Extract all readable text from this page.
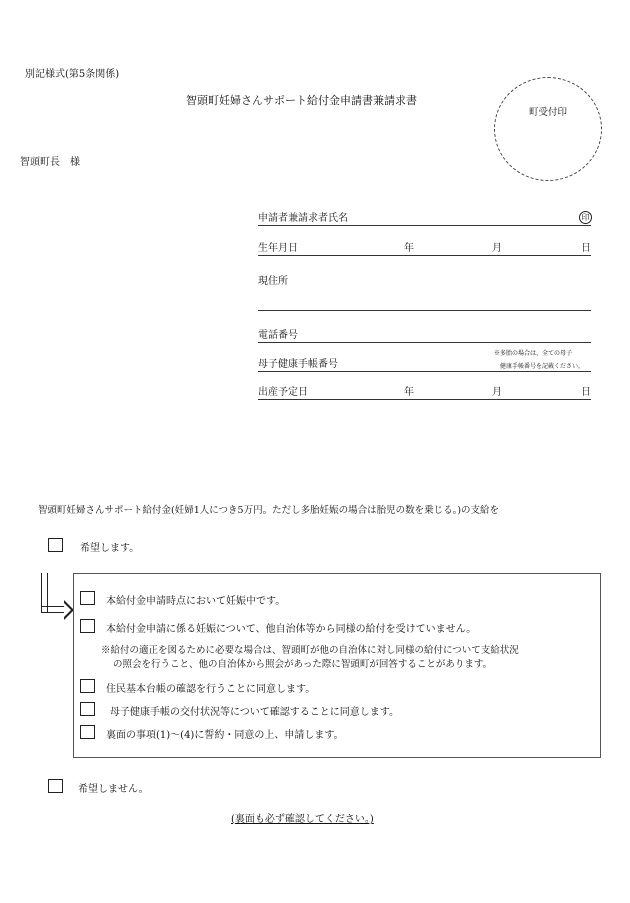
別記様式(第5条関係)
智頭町妊婦さんサポート給付金申請書兼請求書
町受付印
智頭町長　様
申請者兼請求者氏名	印
生年月日	年	月	日
現住所
電話番号
※多胎の場合は、全ての母子
母子健康手帳番号	健康手帳番号を記載ください。
出産予定日	年	月	日
智頭町妊婦さんサポート給付金(妊婦1人につき5万円。ただし多胎妊娠の場合は胎児の数を乗じる。)の支給を
希望します。
本給付金申請時点において妊娠中です。
本給付金申請に係る妊娠について、他自治体等から同様の給付を受けていません。
※給付の適正を図るために必要な場合は、智頭町が他の自治体に対し同様の給付について支給状況
の照会を行うこと、他の自治体から照会があった際に智頭町が回答することがあります。
住民基本台帳の確認を行うことに同意します。
母子健康手帳の交付状況等について確認することに同意します。
裏面の事項(1)～(4)に誓約・同意の上、申請します。
希望しません。
(裏面も必ず確認してください。)
